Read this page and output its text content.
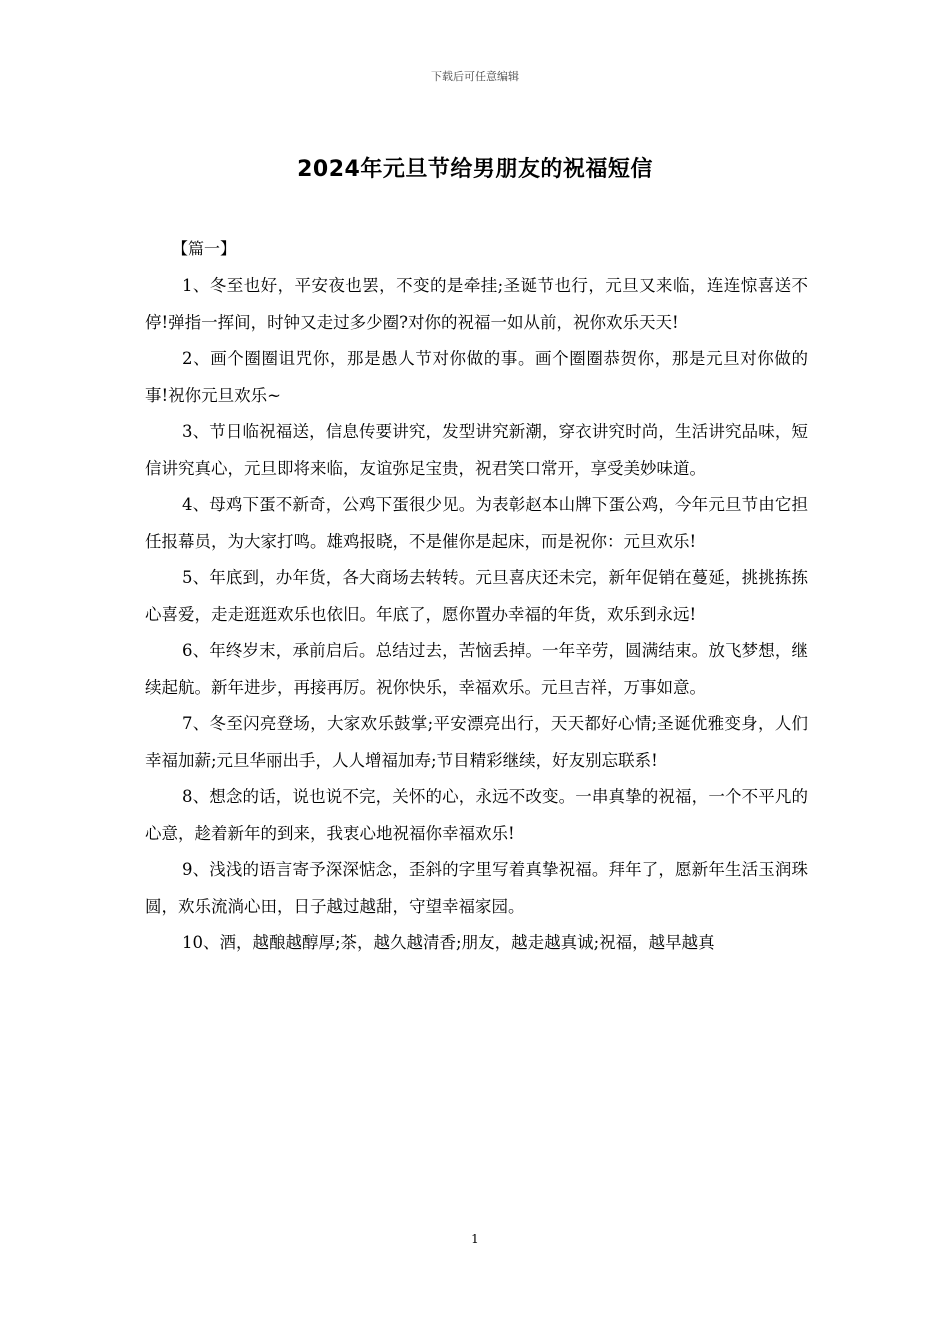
下载后可任意编辑
2024年元旦节给男朋友的祝福短信
【篇一】

1、冬至也好，平安夜也罢，不变的是牵挂;圣诞节也行，元旦又来临，连连惊喜送不停!弹指一挥间，时钟又走过多少圈?对你的祝福一如从前，祝你欢乐天天!

2、画个圈圈诅咒你，那是愚人节对你做的事。画个圈圈恭贺你，那是元旦对你做的事!祝你元旦欢乐~

3、节日临祝福送，信息传要讲究，发型讲究新潮，穿衣讲究时尚，生活讲究品味，短信讲究真心，元旦即将来临，友谊弥足宝贵，祝君笑口常开，享受美妙味道。

4、母鸡下蛋不新奇，公鸡下蛋很少见。为表彰赵本山牌下蛋公鸡，今年元旦节由它担任报幕员，为大家打鸣。雄鸡报晓，不是催你是起床，而是祝你：元旦欢乐!

5、年底到，办年货，各大商场去转转。元旦喜庆还未完，新年促销在蔓延，挑挑拣拣心喜爱，走走逛逛欢乐也依旧。年底了，愿你置办幸福的年货，欢乐到永远!

6、年终岁末，承前启后。总结过去，苦恼丢掉。一年辛劳，圆满结束。放飞梦想，继续起航。新年进步，再接再厉。祝你快乐，幸福欢乐。元旦吉祥，万事如意。

7、冬至闪亮登场，大家欢乐鼓掌;平安漂亮出行，天天都好心情;圣诞优雅变身，人们幸福加薪;元旦华丽出手，人人增福加寿;节目精彩继续，好友别忘联系!

8、想念的话，说也说不完，关怀的心，永远不改变。一串真挚的祝福，一个不平凡的心意，趁着新年的到来，我衷心地祝福你幸福欢乐!

9、浅浅的语言寄予深深惦念，歪斜的字里写着真挚祝福。拜年了，愿新年生活玉润珠圆，欢乐流淌心田，日子越过越甜，守望幸福家园。

10、酒，越酿越醇厚;茶，越久越清香;朋友，越走越真诚;祝福，越早越真

1
